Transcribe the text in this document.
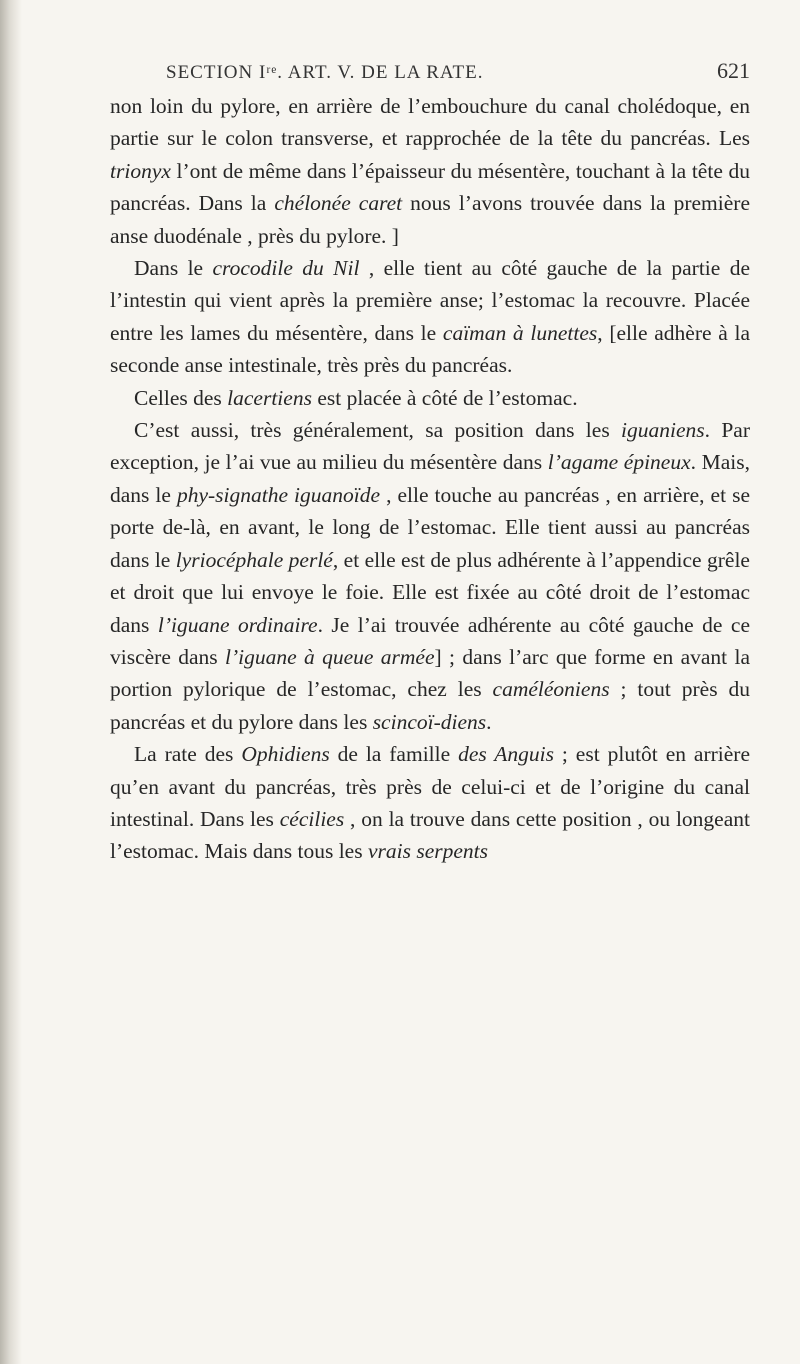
SECTION Iʳᵉ. ART. V. DE LA RATE.	621

non loin du pylore, en arrière de l’embouchure du canal cholédoque, en partie sur le colon transverse, et rapprochée de la tête du pancréas. Les trionyx l’ont de même dans l’épaisseur du mésentère, touchant à la tête du pancréas. Dans la chélonée caret nous l’avons trouvée dans la première anse duodénale , près du pylore. ]

Dans le crocodile du Nil , elle tient au côté gauche de la partie de l’intestin qui vient après la première anse; l’estomac la recouvre. Placée entre les lames du mésentère, dans le caïman à lunettes, [elle adhère à la seconde anse intestinale, très près du pancréas.

Celles des lacertiens est placée à côté de l’estomac.

C’est aussi, très généralement, sa position dans les iguaniens. Par exception, je l’ai vue au milieu du mésentère dans l’agame épineux. Mais, dans le phy-signathe iguanoïde , elle touche au pancréas , en arrière, et se porte de-là, en avant, le long de l’estomac. Elle tient aussi au pancréas dans le lyriocéphale perlé, et elle est de plus adhérente à l’appendice grêle et droit que lui envoye le foie. Elle est fixée au côté droit de l’estomac dans l’iguane ordinaire. Je l’ai trouvée adhérente au côté gauche de ce viscère dans l’iguane à queue armée] ; dans l’arc que forme en avant la portion pylorique de l’estomac, chez les caméléoniens ; tout près du pancréas et du pylore dans les scincoï-diens.

La rate des Ophidiens de la famille des Anguis ; est plutôt en arrière qu’en avant du pancréas, très près de celui-ci et de l’origine du canal intestinal. Dans les cécilies , on la trouve dans cette position , ou longeant l’estomac. Mais dans tous les vrais serpents
